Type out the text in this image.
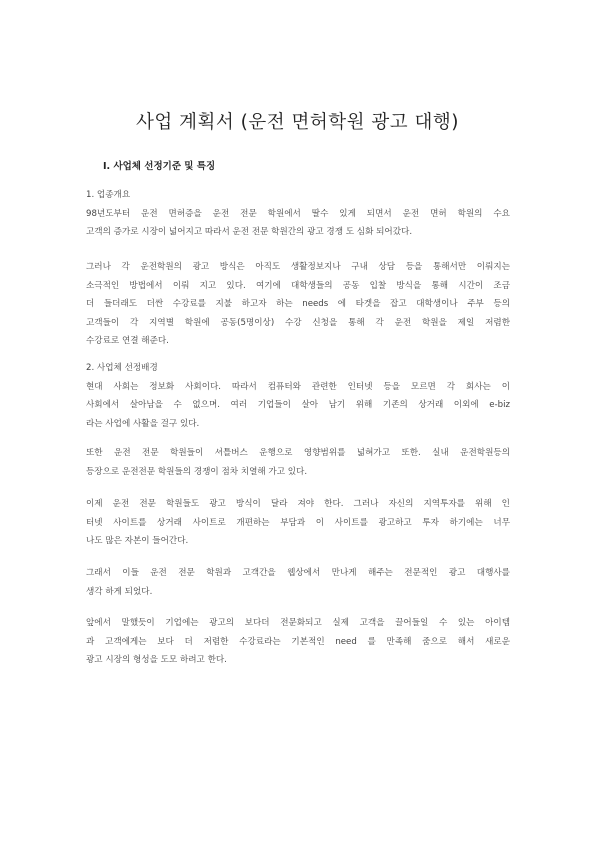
사업 계획서 (운전 면허학원 광고 대행)
Ⅰ. 사업체 선정기준 및 특징
1. 업종개요
98년도부터 운전 면허증을 운전 전문 학원에서 딸수 있게 되면서 운전 면허 학원의 수요
고객의 증가로 시장이 넓어지고 따라서 운전 전문 학원간의 광고 경쟁 도 심화 되어갔다.
그러나 각 운전학원의 광고 방식은 아직도 생활정보지나 구내 상담 등을 통해서만 이뤄지는
소극적인 방법에서 이뤄 지고 있다. 여기에 대학생들의 공동 입찰 방식을 통해 시간이 조금
더 들더래도 더싼 수강료를 지불 하고자 하는 needs 에 타겟을 잡고 대학생이나 주부 등의
고객들이 각 지역별 학원에 공동(5명이상) 수강 신청을 통해 각 운전 학원을 제일 저렴한
수강료로 연결 해준다.
2. 사업체 선정배경
현대 사회는 정보화 사회이다. 따라서 컴퓨터와 관련한 인터넷 등을 모르면 각 회사는 이
사회에서 살아남을 수 없으며. 여러 기업들이 살아 남기 위해 기존의 상거래 이외에 e-biz
라는 사업에 사활을 걸구 있다.
또한 운전 전문 학원들이 셔틀버스 운행으로 영향범위를 넓혀가고 또한. 실내 운전학원등의
등장으로 운전전문 학원들의 경쟁이 점차 치열해 가고 있다.
이제 운전 전문 학원들도 광고 방식이 달라 져야 한다. 그러나 자신의 지역투자를 위해 인
터넷 사이트를 상거래 사이트로 개편하는 부담과 이 사이트를 광고하고 투자 하기에는 너무
나도 많은 자본이 들어간다.
그래서 이들 운전 전문 학원과 고객간을 웹상에서 만나게 해주는 전문적인 광고 대행사를
생각 하게 되었다.
앞에서 말했듯이 기업에는 광고의 보다더 전문화되고 실제 고객을 끌어들일 수 있는 아이템
과 고객에게는 보다 더 저렴한 수강료라는 기본적인 need 를 만족해 줌으로 해서 새로운
광고 시장의 형성을 도모 하려고 한다.
